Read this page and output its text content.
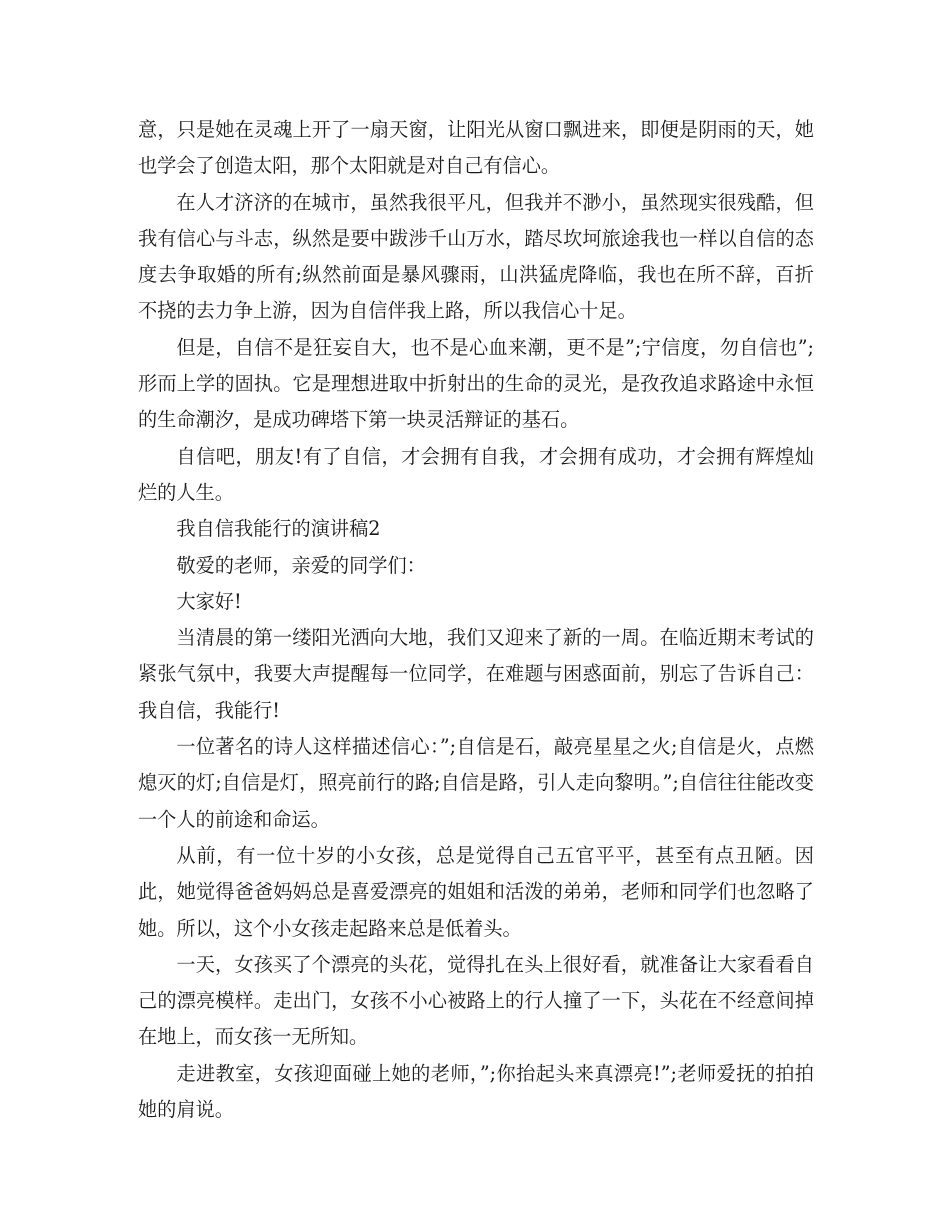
意，只是她在灵魂上开了一扇天窗，让阳光从窗口飘进来，即便是阴雨的天，她也学会了创造太阳，那个太阳就是对自己有信心。

在人才济济的在城市，虽然我很平凡，但我并不渺小，虽然现实很残酷，但我有信心与斗志，纵然是要中跋涉千山万水，踏尽坎坷旅途我也一样以自信的态度去争取婚的所有;纵然前面是暴风骤雨，山洪猛虎降临，我也在所不辞，百折不挠的去力争上游，因为自信伴我上路，所以我信心十足。

但是，自信不是狂妄自大，也不是心血来潮，更不是”;宁信度，勿自信也”;形而上学的固执。它是理想进取中折射出的生命的灵光，是孜孜追求路途中永恒的生命潮汐，是成功碑塔下第一块灵活辩证的基石。

自信吧，朋友!有了自信，才会拥有自我，才会拥有成功，才会拥有辉煌灿烂的人生。

我自信我能行的演讲稿2

敬爱的老师，亲爱的同学们：

大家好!

当清晨的第一缕阳光洒向大地，我们又迎来了新的一周。在临近期末考试的紧张气氛中，我要大声提醒每一位同学，在难题与困惑面前，别忘了告诉自己：我自信，我能行!

一位著名的诗人这样描述信心：”;自信是石，敲亮星星之火;自信是火，点燃熄灭的灯;自信是灯，照亮前行的路;自信是路，引人走向黎明。”;自信往往能改变一个人的前途和命运。

从前，有一位十岁的小女孩，总是觉得自己五官平平，甚至有点丑陋。因此，她觉得爸爸妈妈总是喜爱漂亮的姐姐和活泼的弟弟，老师和同学们也忽略了她。所以，这个小女孩走起路来总是低着头。

一天，女孩买了个漂亮的头花，觉得扎在头上很好看，就准备让大家看看自己的漂亮模样。走出门，女孩不小心被路上的行人撞了一下，头花在不经意间掉在地上，而女孩一无所知。

走进教室，女孩迎面碰上她的老师，”;你抬起头来真漂亮!”;老师爱抚的拍拍她的肩说。
